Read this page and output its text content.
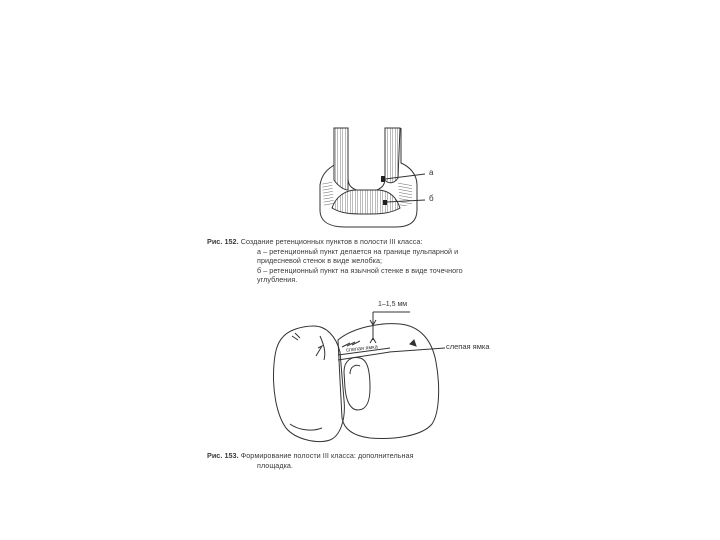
а
б
Рис. 152. Создание ретенционных пунктов в полости III класса:
а – ретенционный пункт делается на границе пульпарной и
придесневой стенок в виде желобка;
б – ретенционный пункт на язычной стенке в виде точечного
углубления.
1–1,5 мм
слепая ямка
слепая ямка
Рис. 153. Формирование полости III класса: дополнительная
площадка.
